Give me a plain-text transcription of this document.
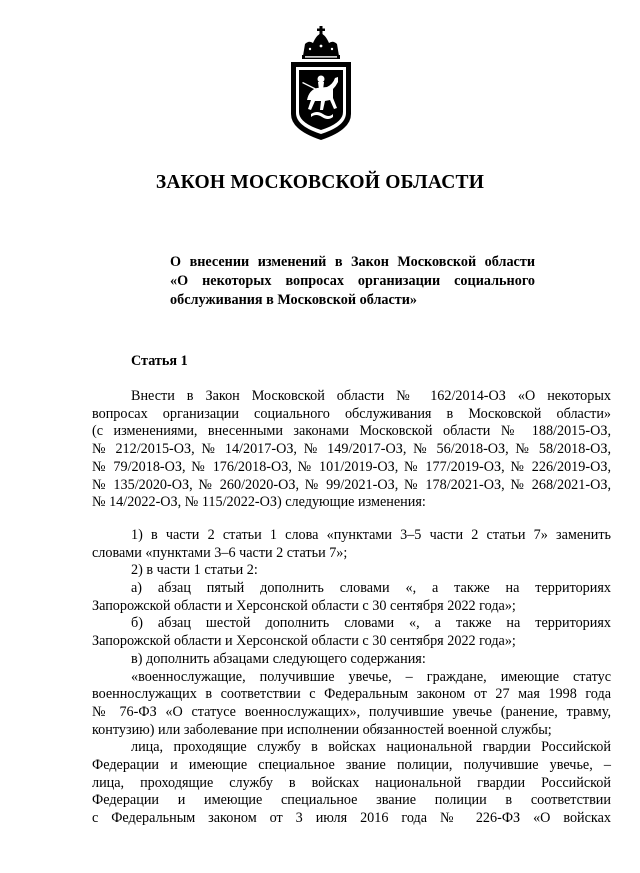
ЗАКОН МОСКОВСКОЙ ОБЛАСТИ
О внесении изменений в Закон Московской области
«О некоторых вопросах организации социального
обслуживания в Московской области»
Статья 1
Внести в Закон Московской области № 162/2014-ОЗ «О некоторых
вопросах организации социального обслуживания в Московской области»
(с изменениями, внесенными законами Московской области № 188/2015-ОЗ,
№ 212/2015-ОЗ, № 14/2017-ОЗ, № 149/2017-ОЗ, № 56/2018-ОЗ, № 58/2018-ОЗ,
№ 79/2018-ОЗ, № 176/2018-ОЗ, № 101/2019-ОЗ, № 177/2019-ОЗ, № 226/2019-ОЗ,
№ 135/2020-ОЗ, № 260/2020-ОЗ, № 99/2021-ОЗ, № 178/2021-ОЗ, № 268/2021-ОЗ,
№ 14/2022-ОЗ, № 115/2022-ОЗ) следующие изменения:
1) в части 2 статьи 1 слова «пунктами 3–5 части 2 статьи 7» заменить
словами «пунктами 3–6 части 2 статьи 7»;
2) в части 1 статьи 2:
а) абзац пятый дополнить словами «, а также на территориях
Запорожской области и Херсонской области с 30 сентября 2022 года»;
б) абзац шестой дополнить словами «, а также на территориях
Запорожской области и Херсонской области с 30 сентября 2022 года»;
в) дополнить абзацами следующего содержания:
«военнослужащие, получившие увечье, – граждане, имеющие статус
военнослужащих в соответствии с Федеральным законом от 27 мая 1998 года
№ 76-ФЗ «О статусе военнослужащих», получившие увечье (ранение, травму,
контузию) или заболевание при исполнении обязанностей военной службы;
лица, проходящие службу в войсках национальной гвардии Российской
Федерации и имеющие специальное звание полиции, получившие увечье, –
лица, проходящие службу в войсках национальной гвардии Российской
Федерации и имеющие специальное звание полиции в соответствии
с Федеральным законом от 3 июля 2016 года № 226-ФЗ «О войсках
